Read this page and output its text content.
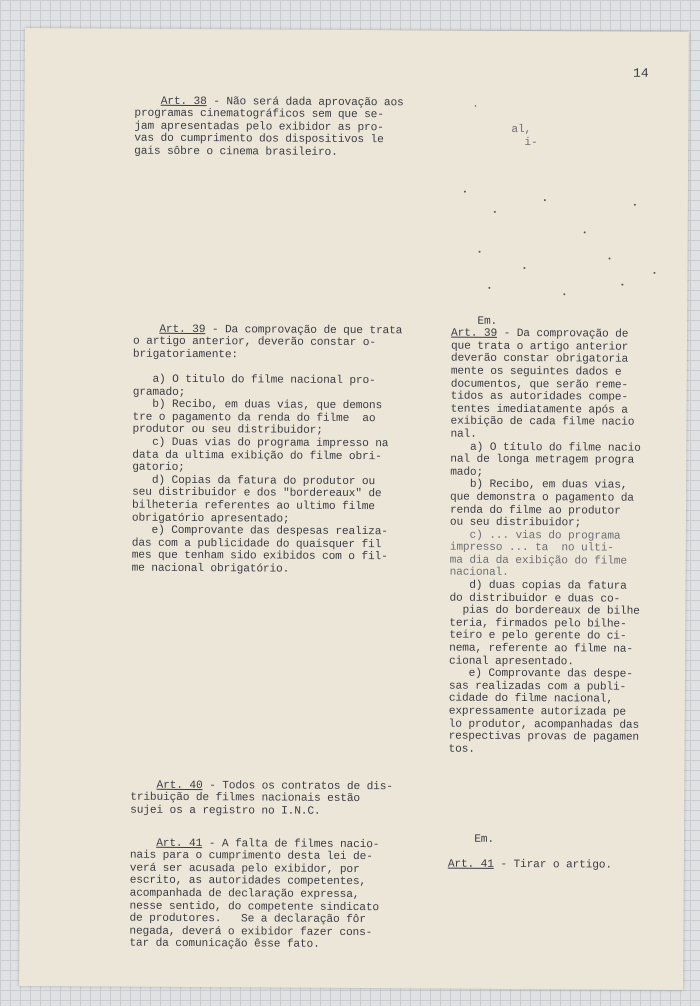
14

Art. 38 - Não será dada aprovação aos
programas cinematográficos sem que se-
jam apresentadas pelo exibidor as pro-
vas do cumprimento dos dispositivos le
gais sôbre o cinema brasileiro.

Art. 39 - Da comprovação de que trata
o artigo anterior, deverão constar o-
brigatoriamente:

a) O titulo do filme nacional pro-
gramado;
b) Recibo, em duas vias, que demons
tre o pagamento da renda do filme  ao
produtor ou seu distribuidor;
c) Duas vias do programa impresso na
data da ultima exibição do filme obri-
gatorio;
d) Copias da fatura do produtor ou
seu distribuidor e dos "bordereaux" de
bilheteria referentes ao ultimo filme
obrigatório apresentado;
e) Comprovante das despesas realiza-
das com a publicidade do quaisquer fil
mes que tenham sido exibidos com o fil-
me nacional obrigatório.

Art. 40 - Todos os contratos de dis-
tribuição de filmes nacionais estão
sujei os a registro no I.N.C.

Art. 41 - A falta de filmes nacio-
nais para o cumprimento desta lei de-
verá ser acusada pelo exibidor, por
escrito, as autoridades competentes,
acompanhada de declaração expressa,
nesse sentido, do competente sindicato
de produtores.   Se a declaração fôr
negada, deverá o exibidor fazer cons-
tar da comunicação êsse fato.
.

al,
i-

Em.
Art. 39 - Da comprovação de
que trata o artigo anterior
deverão constar obrigatoria
mente os seguintes dados e
documentos, que serão reme-
tidos as autoridades compe-
tentes imediatamente após a
exibição de cada filme nacio
nal.
a) O título do filme nacio
nal de longa metragem progra
mado;
b) Recibo, em duas vias,
que demonstra o pagamento da
renda do filme ao produtor
ou seu distribuidor;
c) ... vias do programa
impresso ... ta  no ulti-
ma dia da exibição do filme
nacional.
d) duas copias da fatura
do distribuidor e duas co-
pias do bordereaux de bilhe
teria, firmados pelo bilhe-
teiro e pelo gerente do ci-
nema, referente ao filme na-
cional apresentado.
e) Comprovante das despe-
sas realizadas com a publi-
cidade do filme nacional,
expressamente autorizada pe
lo produtor, acompanhadas das
respectivas provas de pagamen
tos.

Em.

Art. 41 - Tirar o artigo.
